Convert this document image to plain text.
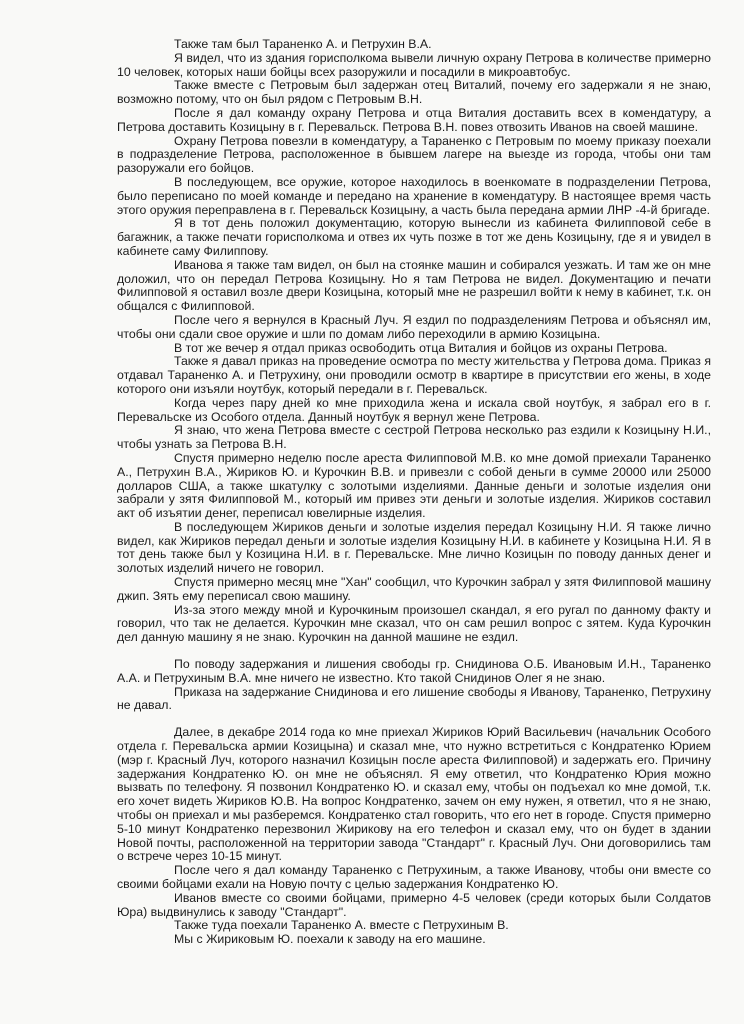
Также там был Тараненко А. и Петрухин В.А.

Я видел, что из здания горисполкома вывели личную охрану Петрова в количестве примерно 10 человек, которых наши бойцы всех разоружили и посадили в микроавтобус.

Также вместе с Петровым был задержан отец Виталий, почему его задержали я не знаю, возможно потому, что он был рядом с Петровым В.Н.

После я дал команду охрану Петрова и отца Виталия доставить всех в комендатуру, а Петрова доставить Козицыну в г. Перевальск. Петрова В.Н. повез отвозить Иванов на своей машине.

Охрану Петрова повезли в комендатуру, а Тараненко с Петровым по моему приказу поехали в подразделение Петрова, расположенное в бывшем лагере на выезде из города, чтобы они там разоружали его бойцов.

В последующем, все оружие, которое находилось в военкомате в подразделении Петрова, было переписано по моей команде и передано на хранение в комендатуру. В настоящее время часть этого оружия переправлена в г. Перевальск Козицыну, а часть была передана армии ЛНР -4-й бригаде.

Я в тот день положил документацию, которую вынесли из кабинета Филипповой себе в багажник, а также печати горисполкома и отвез их чуть позже в тот же день Козицыну, где я и увидел в кабинете саму Филиппову.

Иванова я также там видел, он был на стоянке машин и собирался уезжать. И там же он мне доложил, что он передал Петрова Козицыну. Но я там Петрова не видел. Документацию и печати Филипповой я оставил возле двери Козицына, который мне не разрешил войти к нему в кабинет, т.к. он общался с Филипповой.

После чего я вернулся в Красный Луч. Я ездил по подразделениям Петрова и объяснял им, чтобы они сдали свое оружие и шли по домам либо переходили в армию Козицына.

В тот же вечер я отдал приказ освободить отца Виталия и бойцов из охраны Петрова.

Также я давал приказ на проведение осмотра по месту жительства у Петрова дома. Приказ я отдавал Тараненко А. и Петрухину, они проводили осмотр в квартире в присутствии его жены, в ходе которого они изъяли ноутбук, который передали в г. Перевальск.

Когда через пару дней ко мне приходила жена и искала свой ноутбук, я забрал его в г. Перевальске из Особого отдела. Данный ноутбук я вернул жене Петрова.

Я знаю, что жена Петрова вместе с сестрой Петрова несколько раз ездили к Козицыну Н.И., чтобы узнать за Петрова В.Н.

Спустя примерно неделю после ареста Филипповой М.В. ко мне домой приехали Тараненко А., Петрухин В.А., Жириков Ю. и Курочкин В.В. и привезли с собой деньги в сумме 20000 или 25000 долларов США, а также шкатулку с золотыми изделиями. Данные деньги и золотые изделия они забрали у зятя Филипповой М., который им привез эти деньги и золотые изделия. Жириков составил акт об изъятии денег, переписал ювелирные изделия.

В последующем Жириков деньги и золотые изделия передал Козицыну Н.И. Я также лично видел, как Жириков передал деньги и золотые изделия Козицыну Н.И. в кабинете у Козицына Н.И. Я в тот день также был у Козицина Н.И. в г. Перевальске. Мне лично Козицын по поводу данных денег и золотых изделий ничего не говорил.

Спустя примерно месяц мне "Хан" сообщил, что Курочкин забрал у зятя Филипповой машину джип. Зять ему переписал свою машину.

Из-за этого между мной и Курочкиным произошел скандал, я его ругал по данному факту и говорил, что так не делается. Курочкин мне сказал, что он сам решил вопрос с зятем. Куда Курочкин дел данную машину я не знаю. Курочкин на данной машине не ездил.

По поводу задержания и лишения свободы гр. Снидинова О.Б. Ивановым И.Н., Тараненко А.А. и Петрухиным В.А. мне ничего не известно. Кто такой Снидинов Олег я не знаю.

Приказа на задержание Снидинова и его лишение свободы я Иванову, Тараненко, Петрухину не давал.

Далее, в декабре 2014 года ко мне приехал Жириков Юрий Васильевич (начальник Особого отдела г. Перевальска армии Козицына) и сказал мне, что нужно встретиться с Кондратенко Юрием (мэр г. Красный Луч, которого назначил Козицын после ареста Филипповой) и задержать его. Причину задержания Кондратенко Ю. он мне не объяснял. Я ему ответил, что Кондратенко Юрия можно вызвать по телефону. Я позвонил Кондратенко Ю. и сказал ему, чтобы он подъехал ко мне домой, т.к. его хочет видеть Жириков Ю.В. На вопрос Кондратенко, зачем он ему нужен, я ответил, что я не знаю, чтобы он приехал и мы разберемся. Кондратенко стал говорить, что его нет в городе. Спустя примерно 5-10 минут Кондратенко перезвонил Жирикову на его телефон и сказал ему, что он будет в здании Новой почты, расположенной на территории завода "Стандарт" г. Красный Луч. Они договорились там о встрече через 10-15 минут.

После чего я дал команду Тараненко с Петрухиным, а также Иванову, чтобы они вместе со своими бойцами ехали на Новую почту с целью задержания Кондратенко Ю.

Иванов вместе со своими бойцами, примерно 4-5 человек (среди которых были Солдатов Юра) выдвинулись к заводу "Стандарт".

Также туда поехали Тараненко А. вместе с Петрухиным В.

Мы с Жириковым Ю. поехали к заводу на его машине.
